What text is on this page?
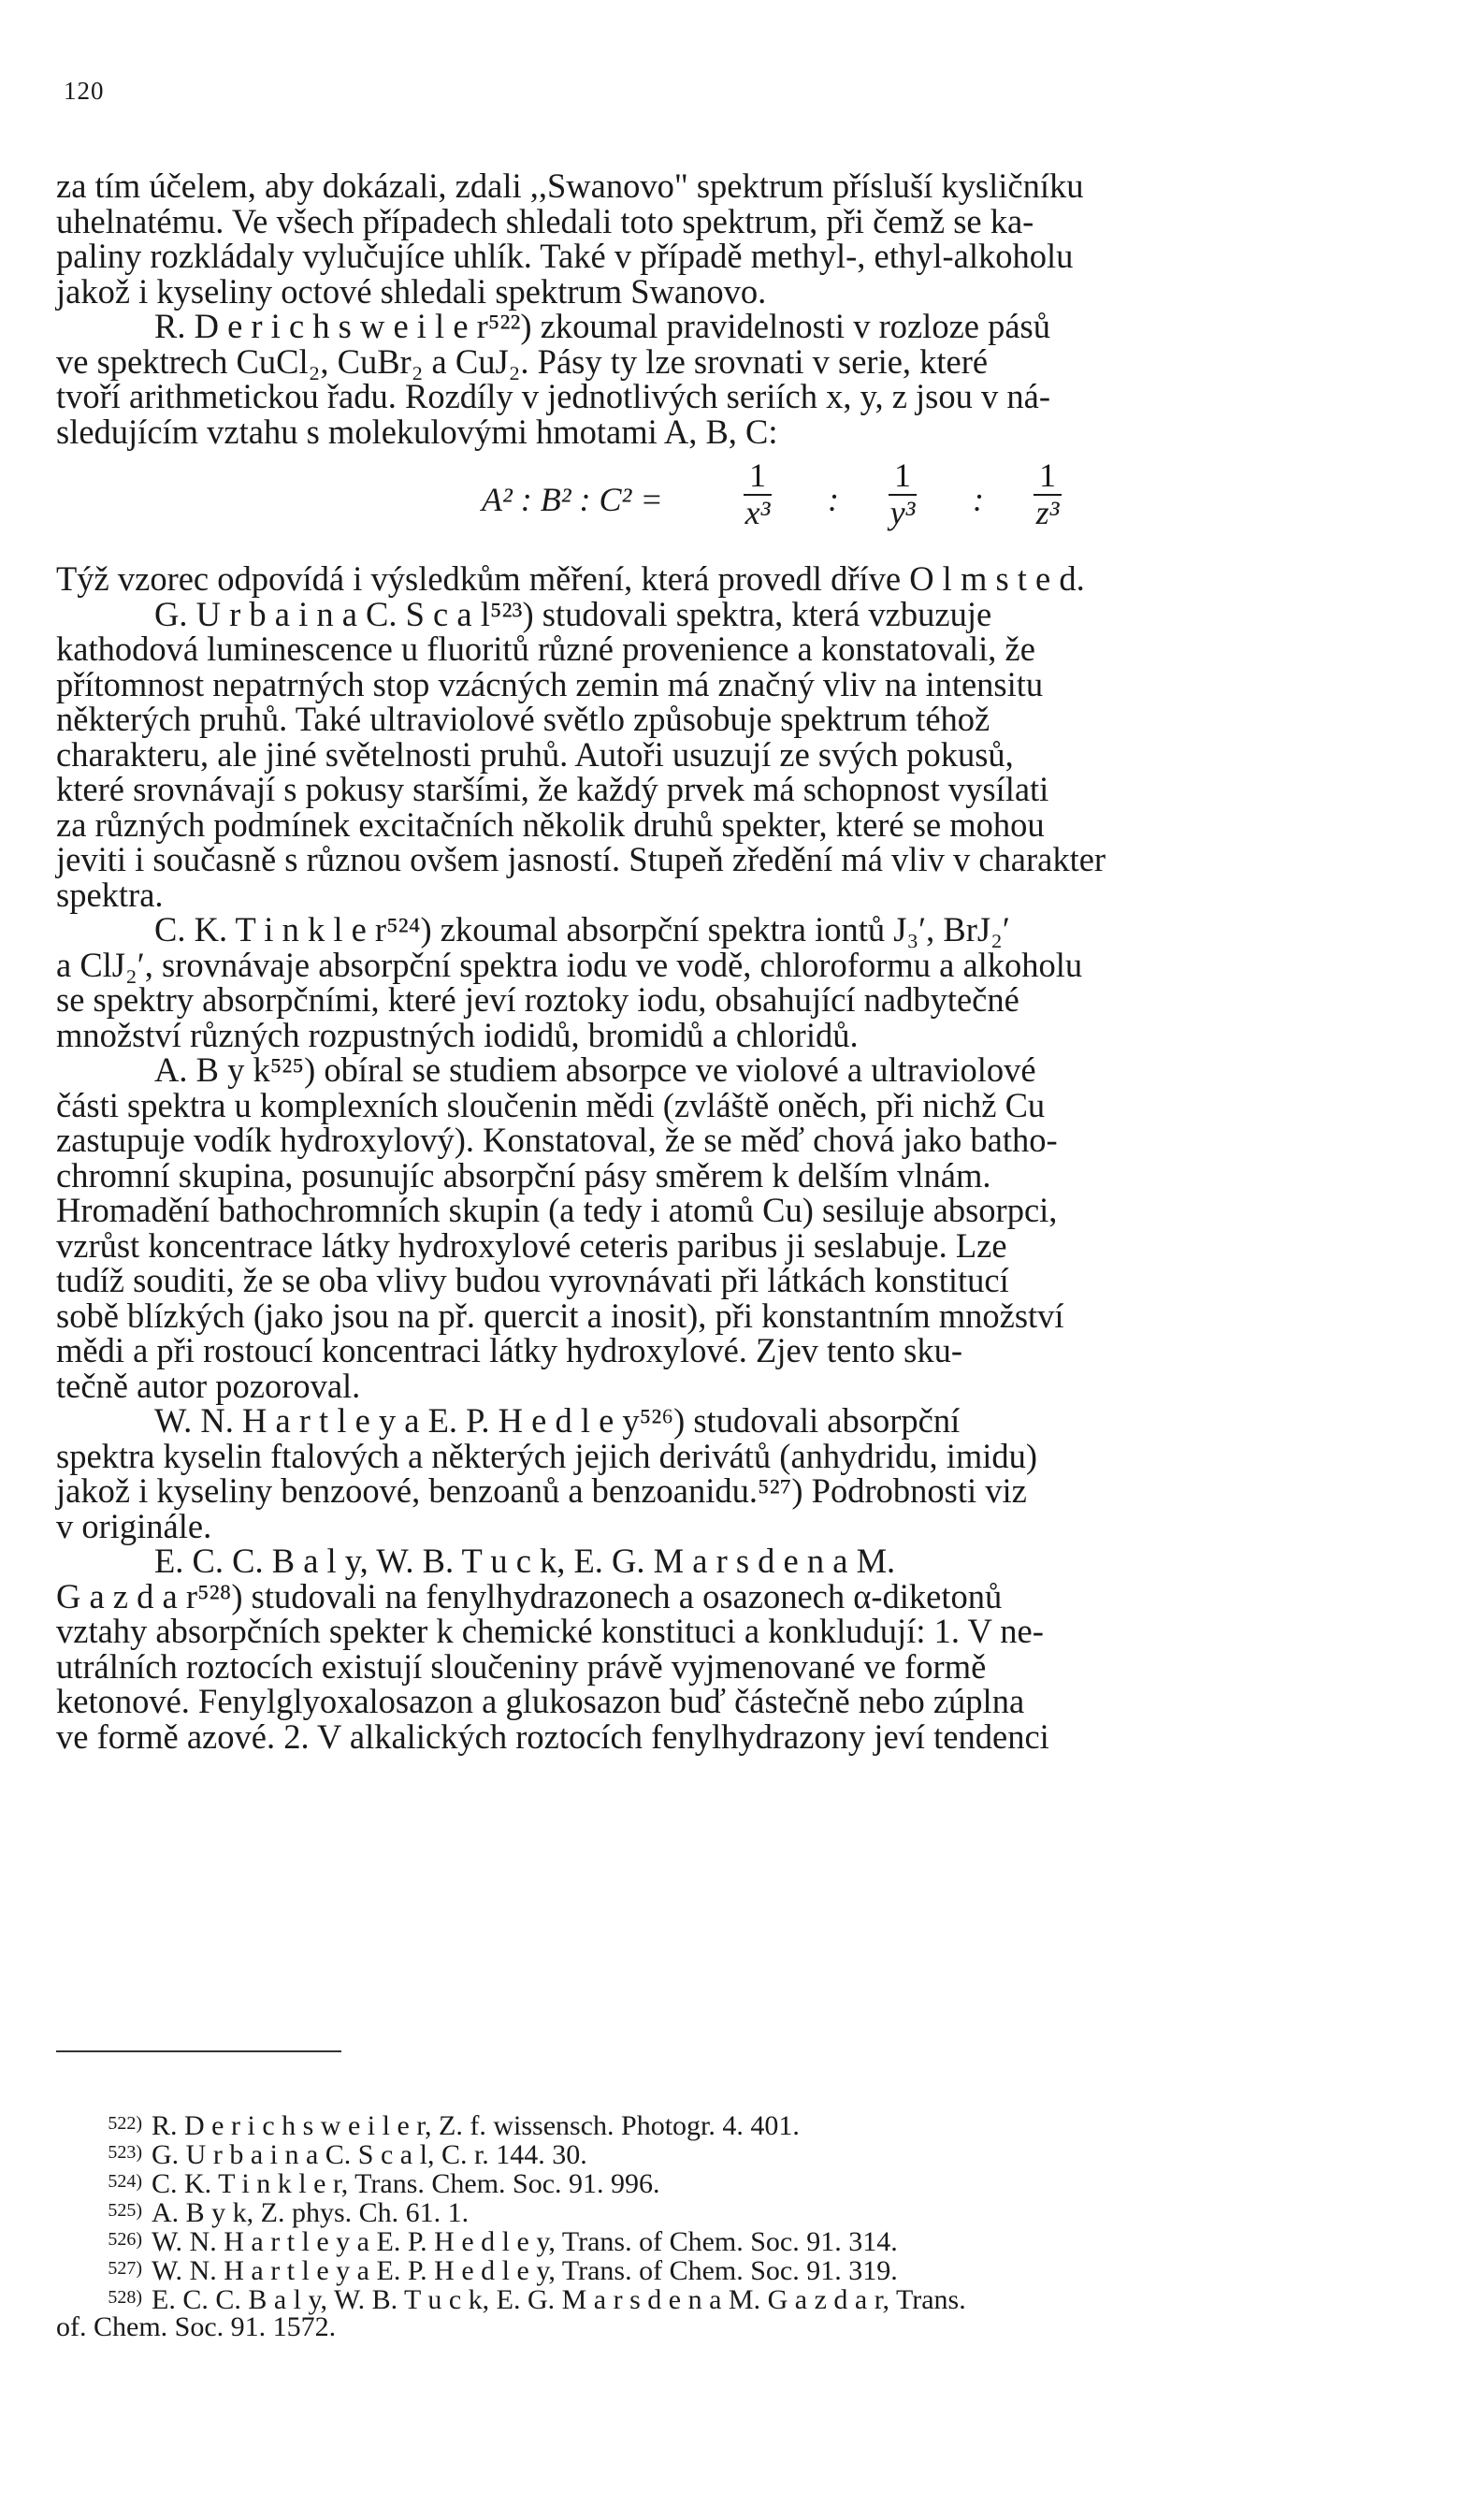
120
za tím účelem, aby dokázali, zdali ,,Swanovo" spektrum přísluší kysličníku
uhelnatému. Ve všech případech shledali toto spektrum, při čemž se ka-
paliny rozkládaly vylučujíce uhlík. Také v případě methyl-, ethyl-alkoholu
jakož i kyseliny octové shledali spektrum Swanovo.
R. D e r i c h s w e i l e r⁵²²) zkoumal pravidelnosti v rozloze pásů
ve spektrech CuCl₂, CuBr₂ a CuJ₂. Pásy ty lze srovnati v serie, které
tvoří arithmetickou řadu. Rozdíly v jednotlivých seriích x, y, z jsou v ná-
sledujícím vztahu s molekulovými hmotami A, B, C:
A² : B² : $C^2 = \frac{1}{\text{x³}}$ : $\frac{1}{\text{y³}}$ : $\frac{1}{\text{z³}}$
Týž vzorec odpovídá i výsledkům měření, která provedl dříve O l m s t e d.
G. U r b a i n a C. S c a l⁵²³) studovali spektra, která vzbuzuje
kathodová luminescence u fluoritů různé provenience a konstatovali, že
přítomnost nepatrných stop vzácných zemin má značný vliv na intensitu
některých pruhů. Také ultraviolové světlo způsobuje spektrum téhož
charakteru, ale jiné světelnosti pruhů. Autoři usuzují ze svých pokusů,
které srovnávají s pokusy staršími, že každý prvek má schopnost vysílati
za různých podmínek excitačních několik druhů spekter, které se mohou
jeviti i současně s různou ovšem jasností. Stupeň zředění má vliv v charakter
spektra.
C. K. T i n k l e r⁵²⁴) zkoumal absorpční spektra iontů J₃′, BrJ₂′
a ClJ₂′, srovnávaje absorpční spektra iodu ve vodě, chloroformu a alkoholu
se spektry absorpčními, které jeví roztoky iodu, obsahující nadbytečné
množství různých rozpustných iodidů, bromidů a chloridů.
A. B y k⁵²⁵) obíral se studiem absorpce ve violové a ultraviolové
části spektra u komplexních sloučenin mědi (zvláště oněch, při nichž Cu
zastupuje vodík hydroxylový). Konstatoval, že se měď chová jako batho-
chromní skupina, posunujíc absorpční pásy směrem k delším vlnám.
Hromadění bathochromních skupin (a tedy i atomů Cu) sesiluje absorpci,
vzrůst koncentrace látky hydroxylové ceteris paribus ji seslabuje. Lze
tudíž souditi, že se oba vlivy budou vyrovnávati při látkách konstitucí
sobě blízkých (jako jsou na př. quercit a inosit), při konstantním množství
mědi a při rostoucí koncentraci látky hydroxylové. Zjev tento sku-
tečně autor pozoroval.
W. N. H a r t l e y a E. P. H e d l e y⁵²⁶) studovali absorpční
spektra kyselin ftalových a některých jejich derivátů (anhydridu, imidu)
jakož i kyseliny benzoové, benzoanů a benzoanidu.⁵²⁷) Podrobnosti viz
v originále.
E. C. C. B a l y, W. B. T u c k, E. G. M a r s d e n a M.
G a z d a r⁵²⁸) studovali na fenylhydrazonech a osazonech α-diketonů
vztahy absorpčních spekter k chemické konstituci a konkludují: 1. V ne-
utrálních roztocích existují sloučeniny právě vyjmenované ve formě
ketonové. Fenylglyoxalosazon a glukosazon buď částečně nebo zúplna
ve formě azové. 2. V alkalických roztocích fenylhydrazony jeví tendenci
522) R. D e r i c h s w e i l e r, Z. f. wissensch. Photogr. 4. 401.
523) G. U r b a i n a C. S c a l, C. r. 144. 30.
524) C. K. T i n k l e r, Trans. Chem. Soc. 91. 996.
525) A. B y k, Z. phys. Ch. 61. 1.
526) W. N. H a r t l e y a E. P. H e d l e y, Trans. of Chem. Soc. 91. 314.
527) W. N. H a r t l e y a E. P. H e d l e y, Trans. of Chem. Soc. 91. 319.
528) E. C. C. B a l y, W. B. T u c k, E. G. M a r s d e n a M. G a z d a r, Trans.
of. Chem. Soc. 91. 1572.
